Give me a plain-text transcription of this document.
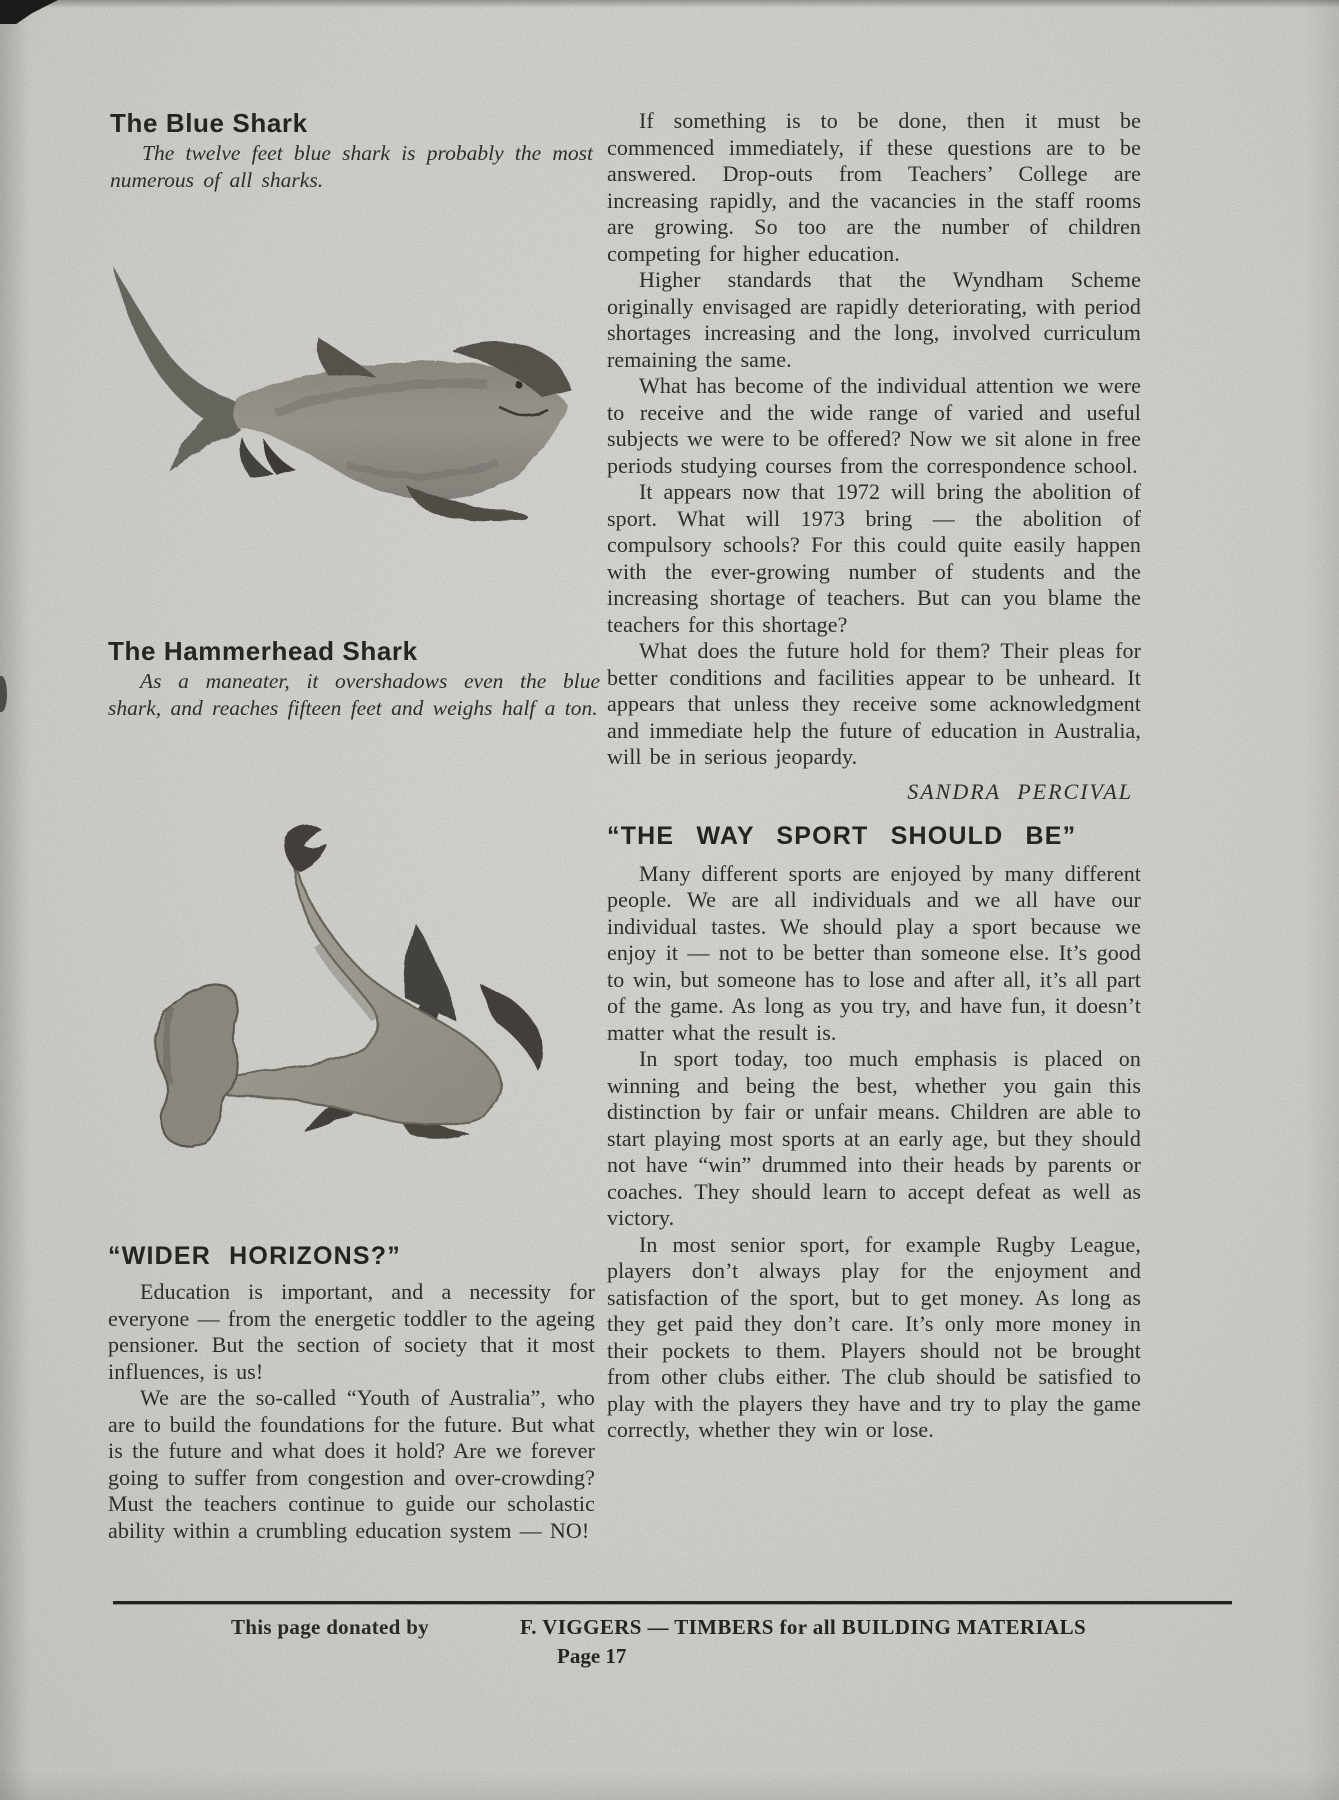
The Blue Shark

The twelve feet blue shark is probably the most numerous of all sharks.

The Hammerhead Shark

As a maneater, it overshadows even the blue shark, and reaches fifteen feet and weighs half a ton.

“WIDER HORIZONS?”

Education is important, and a necessity for everyone — from the energetic toddler to the ageing pensioner. But the section of society that it most influences, is us!

We are the so-called “Youth of Australia”, who are to build the foundations for the future. But what is the future and what does it hold? Are we forever going to suffer from congestion and over-crowding? Must the teachers continue to guide our scholastic ability within a crumbling education system — NO!

If something is to be done, then it must be commenced immediately, if these questions are to be answered. Drop-outs from Teachers’ College are increasing rapidly, and the vacancies in the staff rooms are growing. So too are the number of children competing for higher education.

Higher standards that the Wyndham Scheme originally envisaged are rapidly deteriorating, with period shortages increasing and the long, involved curriculum remaining the same.

What has become of the individual attention we were to receive and the wide range of varied and useful subjects we were to be offered? Now we sit alone in free periods studying courses from the correspondence school.

It appears now that 1972 will bring the abolition of sport. What will 1973 bring — the abolition of compulsory schools? For this could quite easily happen with the ever-growing number of students and the increasing shortage of teachers. But can you blame the teachers for this shortage?

What does the future hold for them? Their pleas for better conditions and facilities appear to be unheard. It appears that unless they receive some acknowledgment and immediate help the future of education in Australia, will be in serious jeopardy.

SANDRA PERCIVAL
“THE WAY SPORT SHOULD BE”

Many different sports are enjoyed by many different people. We are all individuals and we all have our individual tastes. We should play a sport because we enjoy it — not to be better than someone else. It’s good to win, but someone has to lose and after all, it’s all part of the game. As long as you try, and have fun, it doesn’t matter what the result is.

In sport today, too much emphasis is placed on winning and being the best, whether you gain this distinction by fair or unfair means. Children are able to start playing most sports at an early age, but they should not have “win” drummed into their heads by parents or coaches. They should learn to accept defeat as well as victory.

In most senior sport, for example Rugby League, players don’t always play for the enjoyment and satisfaction of the sport, but to get money. As long as they get paid they don’t care. It’s only more money in their pockets to them. Players should not be brought from other clubs either. The club should be satisfied to play with the players they have and try to play the game correctly, whether they win or lose.

This page donated by	F. VIGGERS — TIMBERS for all BUILDING MATERIALS
Page 17
